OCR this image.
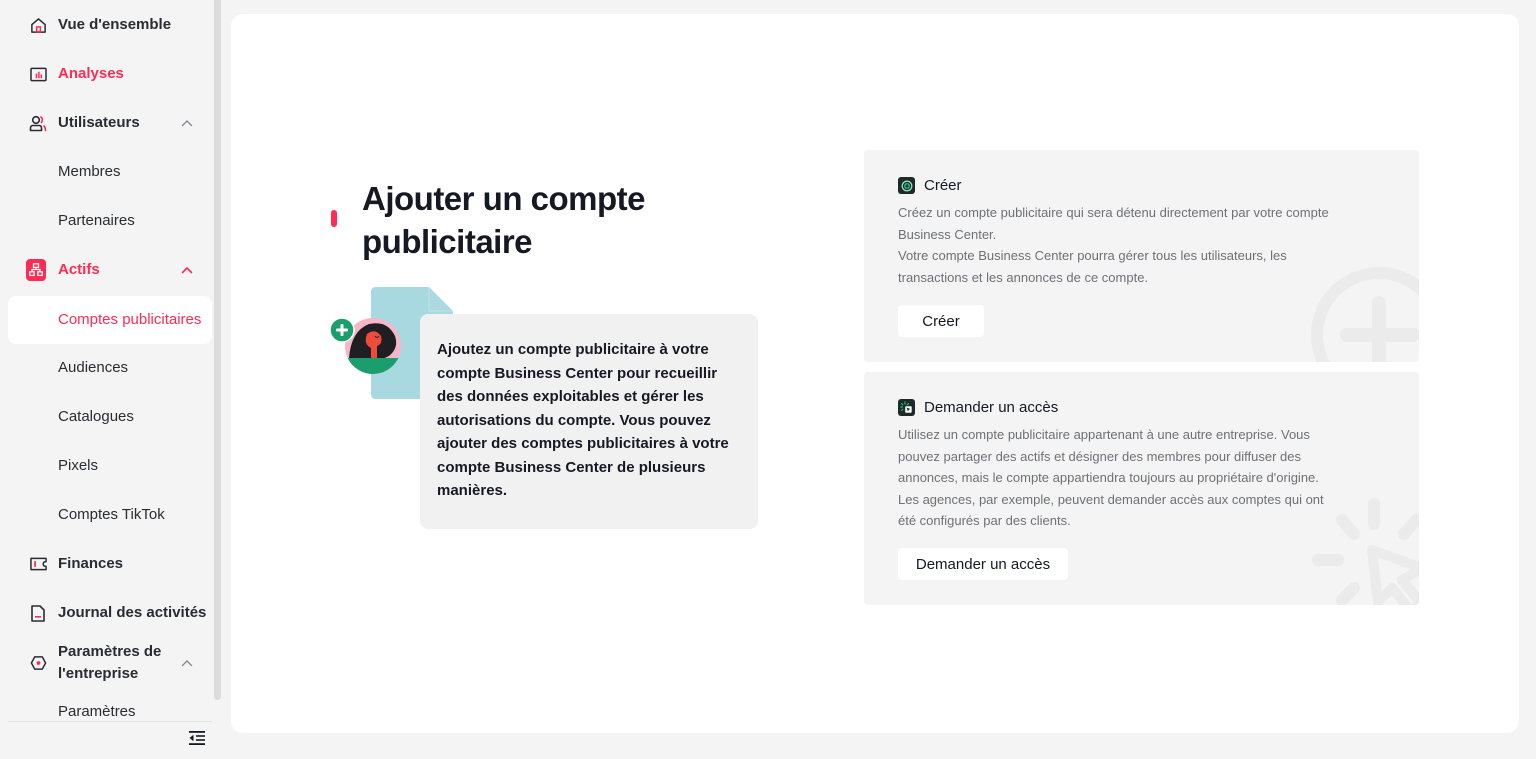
Vue d'ensemble
Analyses
Utilisateurs
Membres
Partenaires
Actifs
Comptes publicitaires
Audiences
Catalogues
Pixels
Comptes TikTok
Finances
Journal des activités
Paramètres de
l'entreprise
Paramètres
Ajouter un compte
publicitaire

Ajoutez un compte publicitaire à votre compte Business Center pour recueillir des données exploitables et gérer les autorisations du compte. Vous pouvez ajouter des comptes publicitaires à votre compte Business Center de plusieurs manières.

Créer
Créez un compte publicitaire qui sera détenu directement par votre compte Business Center.
Votre compte Business Center pourra gérer tous les utilisateurs, les transactions et les annonces de ce compte.
Créer
Demander un accès
Utilisez un compte publicitaire appartenant à une autre entreprise. Vous pouvez partager des actifs et désigner des membres pour diffuser des annonces, mais le compte appartiendra toujours au propriétaire d'origine. Les agences, par exemple, peuvent demander accès aux comptes qui ont été configurés par des clients.
Demander un accès
